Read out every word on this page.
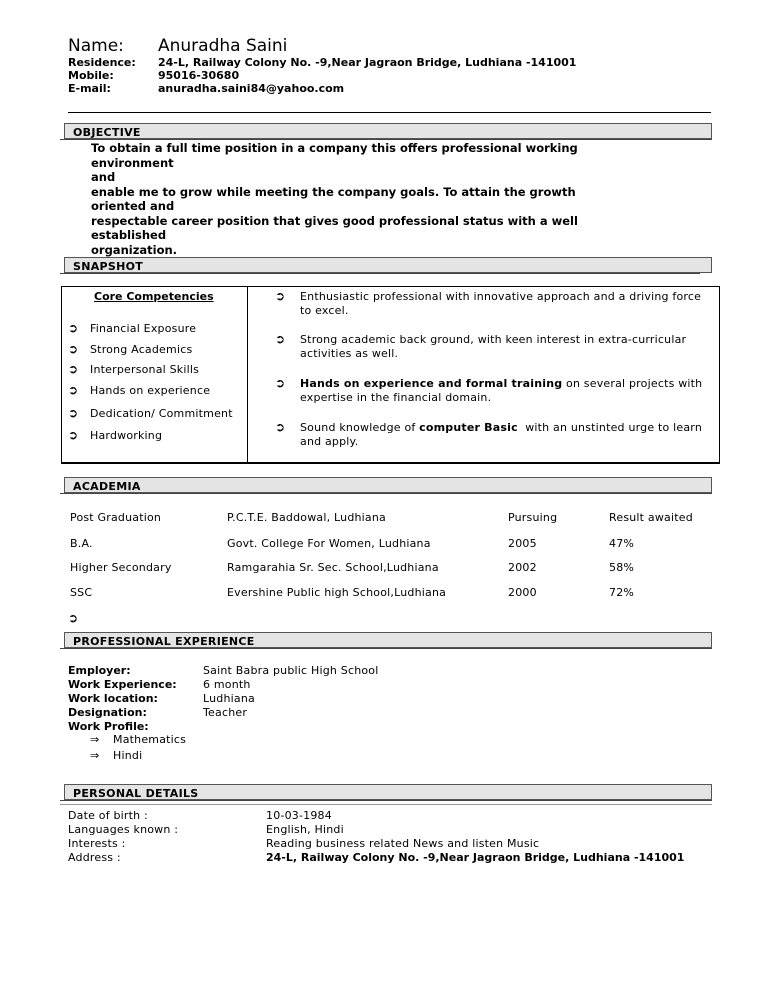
Name: Anuradha Saini
Residence: 24-L, Railway Colony No. -9,Near Jagraon Bridge, Ludhiana -141001
Mobile:	95016-30680
E-mail:	anuradha.saini84@yahoo.com
OBJECTIVE
To obtain a full time position in a company this offers professional working environment
and
enable me to grow while meeting the company goals. To attain the growth oriented and
respectable career position that gives good professional status with a well established
organization.
SNAPSHOT
Core Competencies
➲ Financial Exposure
➲ Strong Academics
➲ Interpersonal Skills
➲ Hands on experience
➲ Dedication/ Commitment
➲ Hardworking
➲ Enthusiastic professional with innovative approach and a driving force to excel.
➲ Strong academic back ground, with keen interest in extra-curricular activities as well.
➲ Hands on experience and formal training on several projects with expertise in the financial domain.
➲ Sound knowledge of computer Basic  with an unstinted urge to learn and apply.
ACADEMIA
Post Graduation	P.C.T.E. Baddowal, Ludhiana	Pursuing	Result awaited
B.A.	Govt. College For Women, Ludhiana	2005	47%
Higher Secondary	Ramgarahia Sr. Sec. School,Ludhiana	2002	58%
SSC	Evershine Public high School,Ludhiana	2000	72%
➲
PROFESSIONAL EXPERIENCE
Employer:	Saint Babra public High School
Work Experience: 6 month
Work location:	Ludhiana
Designation:	Teacher
Work Profile:
⇒ Mathematics
⇒ Hindi
PERSONAL DETAILS
Date of birth :	10-03-1984
Languages known :	English, Hindi
Interests :	Reading business related News and listen Music
Address :	24-L, Railway Colony No. -9,Near Jagraon Bridge, Ludhiana -141001
